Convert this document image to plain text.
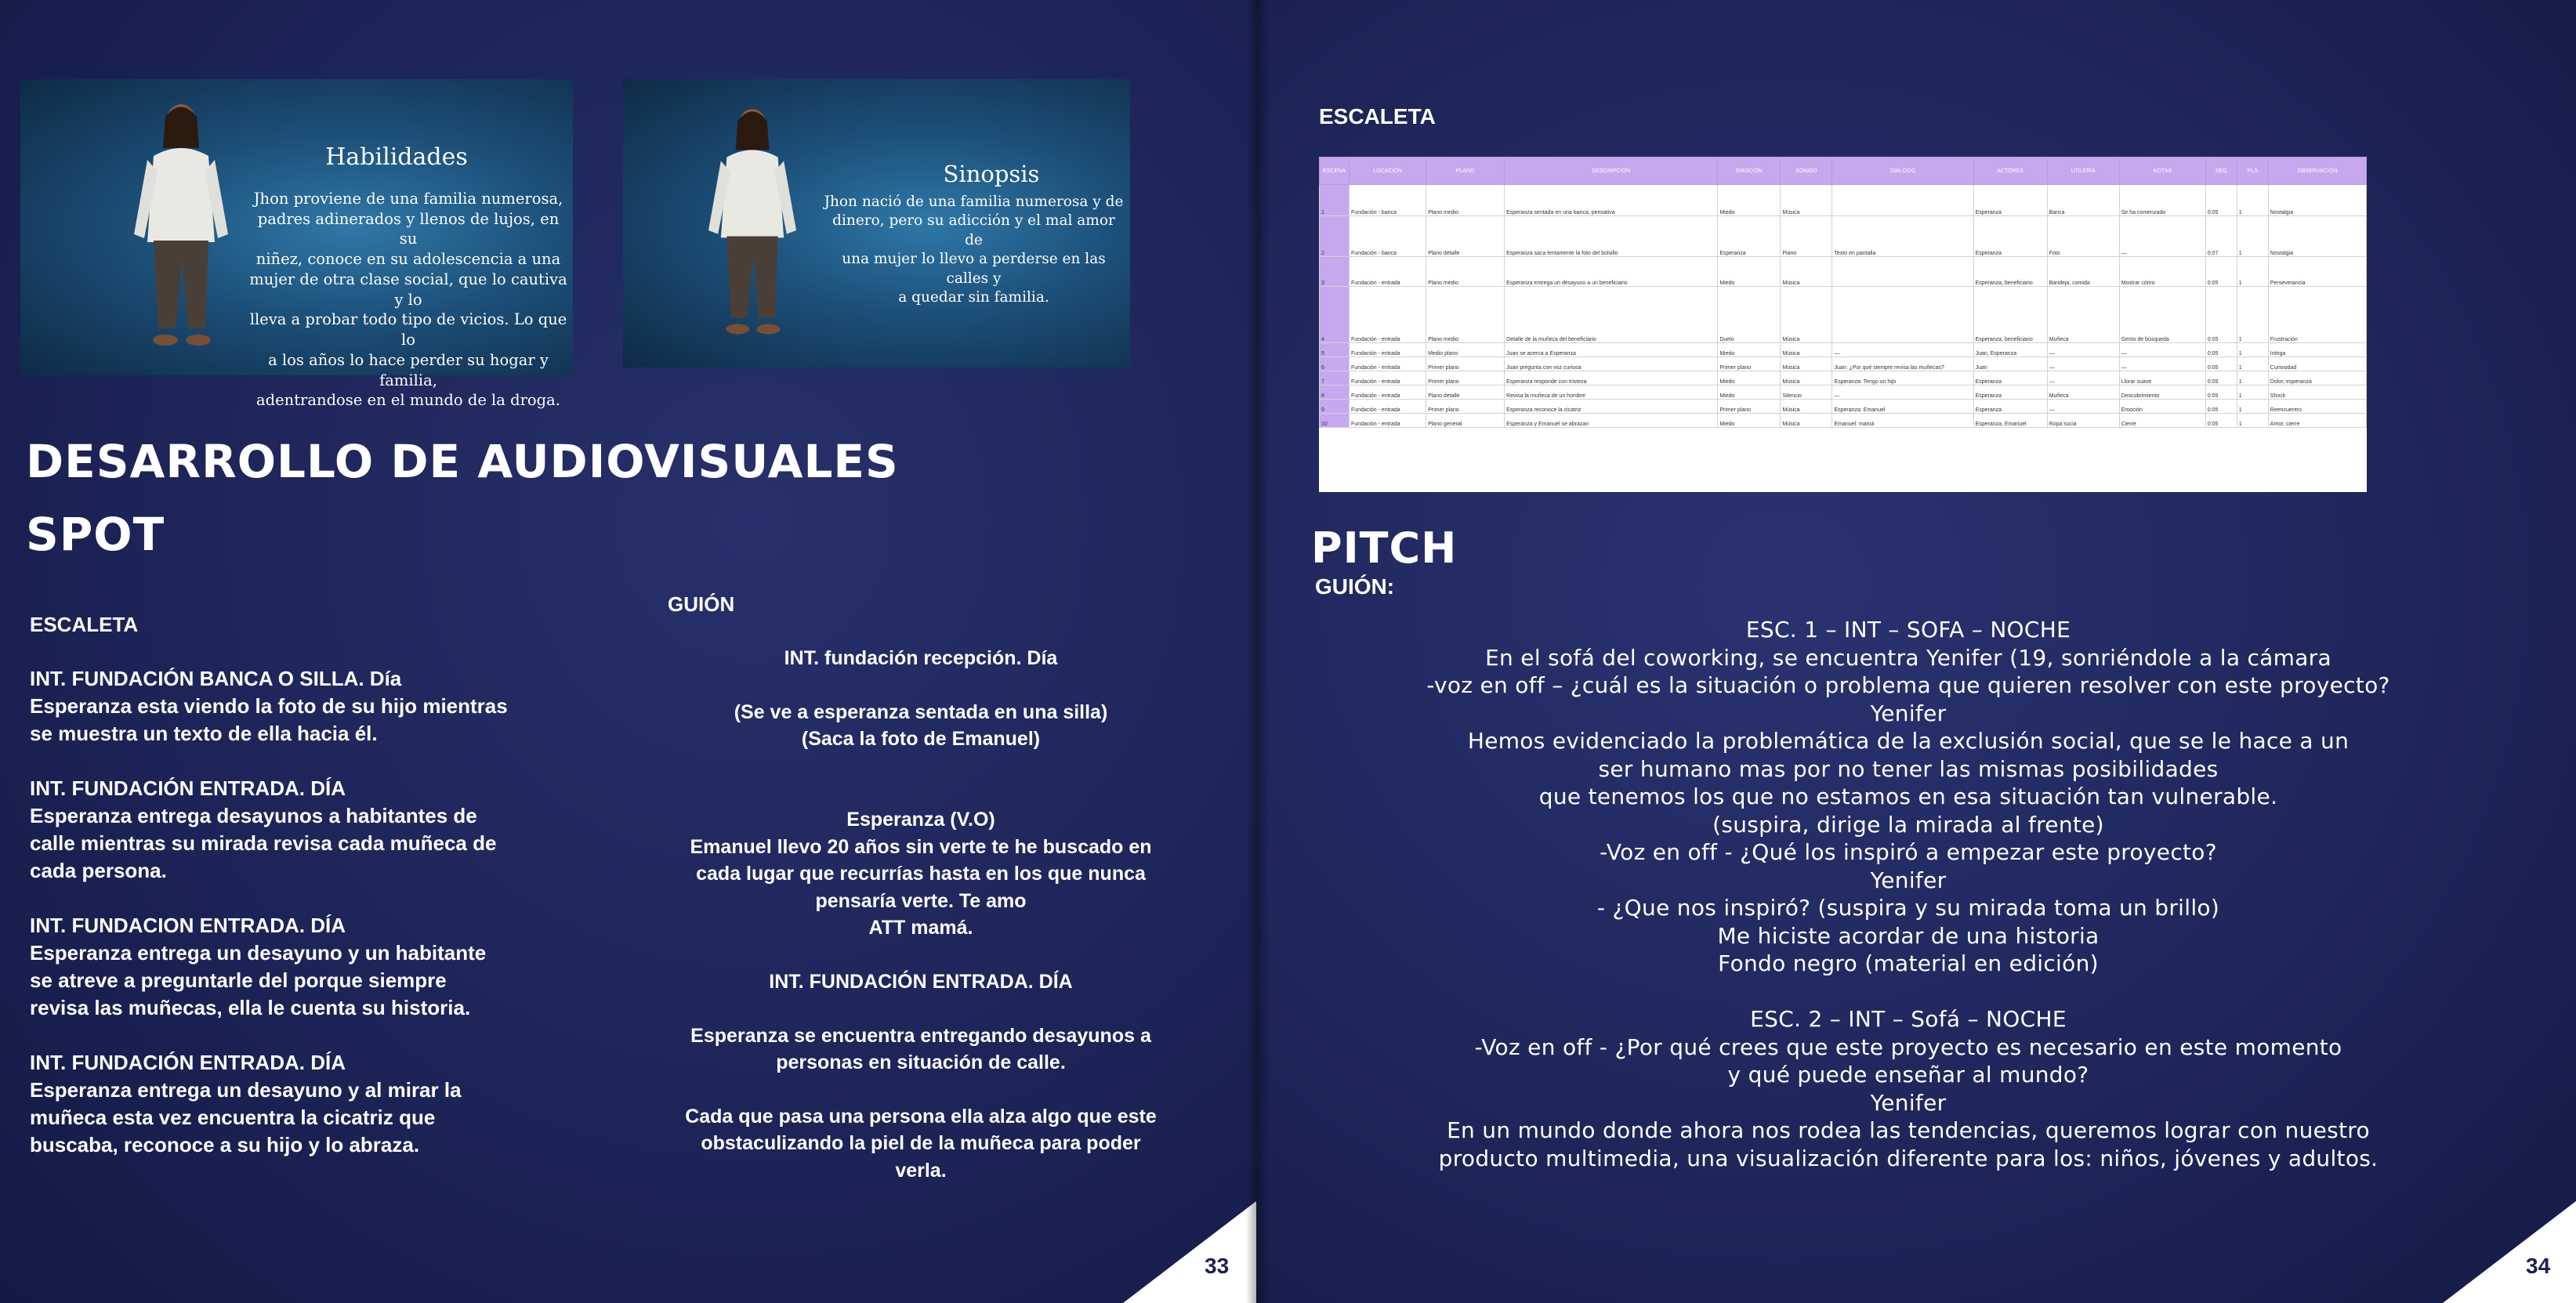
Habilidades
Jhon proviene de una familia numerosa,
padres adinerados y llenos de lujos, en su
niñez, conoce en su adolescencia a una
mujer de otra clase social, que lo cautiva y lo
lleva a probar todo tipo de vicios. Lo que lo
a los años lo hace perder su hogar y familia,
adentrandose en el mundo de la droga.
Sinopsis
Jhon nació de una familia numerosa y de
dinero, pero su adicción y el mal amor de
una mujer lo llevo a perderse en las calles y
a quedar sin familia.
DESARROLLO DE AUDIOVISUALES
SPOT
ESCALETA

INT. FUNDACIÓN BANCA O SILLA. Día
Esperanza esta viendo la foto de su hijo mientras
se muestra un texto de ella hacia él.

INT. FUNDACIÓN ENTRADA. DÍA
Esperanza entrega desayunos a habitantes de
calle mientras su mirada revisa cada muñeca de
cada persona.

INT. FUNDACION ENTRADA. DÍA
Esperanza entrega un desayuno y un habitante
se atreve a preguntarle del porque siempre
revisa las muñecas, ella le cuenta su historia.

INT. FUNDACIÓN ENTRADA. DÍA
Esperanza entrega un desayuno y al mirar la
muñeca esta vez encuentra la cicatriz que
buscaba, reconoce a su hijo y lo abraza.

GUIÓN
INT. fundación recepción. Día
(Se ve a esperanza sentada en una silla)
(Saca la foto de Emanuel)
Esperanza (V.O)
Emanuel llevo 20 años sin verte te he buscado en
cada lugar que recurrías hasta en los que nunca
pensaría verte. Te amo
ATT mamá.
INT. FUNDACIÓN ENTRADA. DÍA
Esperanza se encuentra entregando desayunos a
personas en situación de calle.
Cada que pasa una persona ella alza algo que este
obstaculizando la piel de la muñeca para poder
verla.
33
ESCALETA
34
ESCENA	LOCACIÓN	PLANO	DESCRIPCIÓN	EMOCIÓN	SONIDO	DIÁLOGO	ACTORES	UTILERÍA	NOTAS	SEG	PLS	OBSERVACIÓN
1	Fundación - banca	Plano medio	Esperanza sentada en una banca, pensativa	Miedo	Música		Esperanza	Banca	Se ha comenzado	0:05	1	Nostalgia
2	Fundación - banca	Plano detalle	Esperanza saca lentamente la foto del bolsillo	Esperanza	Piano	Texto en pantalla	Esperanza	Foto	—	0:07	1	Nostalgia
3	Fundación - entrada	Plano medio	Esperanza entrega un desayuno a un beneficiario	Miedo	Música		Esperanza, beneficiario	Bandeja, comida	Mostrar cómo	0:05	1	Perseverancia
4	Fundación - entrada	Plano medio	Detalle de la muñeca del beneficiario	Duelo	Música		Esperanza, beneficiario	Muñeca	Gesto de búsqueda	0:05	1	Frustración
5	Fundación - entrada	Medio plano	Juan se acerca a Esperanza	Miedo	Música	—	Juan, Esperanza	—	—	0:05	1	Intriga
6	Fundación - entrada	Primer plano	Juan pregunta con voz curiosa	Primer plano	Música	Juan: ¿Por qué siempre revisa las muñecas?	Juan	—	—	0:05	1	Curiosidad
7	Fundación - entrada	Primer plano	Esperanza responde con tristeza	Miedo	Música	Esperanza: Tengo un hijo	Esperanza	—	Llorar suave	0:05	1	Dolor, esperanza
8	Fundación - entrada	Plano detalle	Revisa la muñeca de un hombre	Miedo	Silencio	—	Esperanza	Muñeca	Descubrimiento	0:05	1	Shock
9	Fundación - entrada	Primer plano	Esperanza reconoce la cicatriz	Primer plano	Música	Esperanza: Emanuel	Esperanza	—	Emoción	0:05	1	Reencuentro
10	Fundación - entrada	Plano general	Esperanza y Emanuel se abrazan	Miedo	Música	Emanuel: mamá	Esperanza, Emanuel	Ropa sucia	Cierre	0:05	1	Amor, cierre
PITCH
GUIÓN:
ESC. 1 – INT – SOFA – NOCHE
En el sofá del coworking, se encuentra Yenifer (19, sonriéndole a la cámara
-voz en off – ¿cuál es la situación o problema que quieren resolver con este proyecto?
Yenifer
Hemos evidenciado la problemática de la exclusión social, que se le hace a un
ser humano mas por no tener las mismas posibilidades
que tenemos los que no estamos en esa situación tan vulnerable.
(suspira, dirige la mirada al frente)
-Voz en off - ¿Qué los inspiró a empezar este proyecto?
Yenifer
- ¿Que nos inspiró? (suspira y su mirada toma un brillo)
Me hiciste acordar de una historia
Fondo negro (material en edición)
ESC. 2 – INT – Sofá – NOCHE
-Voz en off - ¿Por qué crees que este proyecto es necesario en este momento
y qué puede enseñar al mundo?
Yenifer
En un mundo donde ahora nos rodea las tendencias, queremos lograr con nuestro
producto multimedia, una visualización diferente para los: niños, jóvenes y adultos.
